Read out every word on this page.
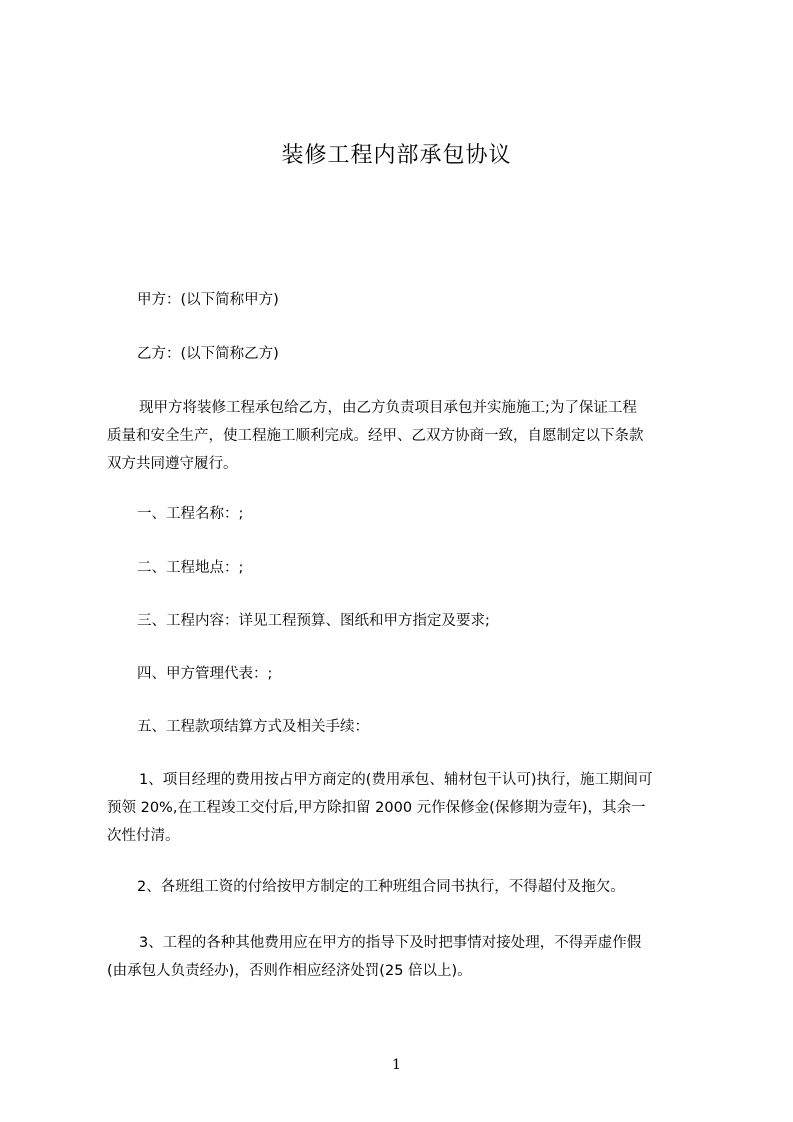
装修工程内部承包协议
甲方：(以下简称甲方)
乙方：(以下简称乙方)
现甲方将装修工程承包给乙方，由乙方负责项目承包并实施施工;为了保证工程
质量和安全生产，使工程施工顺利完成。经甲、乙双方协商一致，自愿制定以下条款
双方共同遵守履行。
一、工程名称：;
二、工程地点：;
三、工程内容：详见工程预算、图纸和甲方指定及要求;
四、甲方管理代表：;
五、工程款项结算方式及相关手续：
1、项目经理的费用按占甲方商定的(费用承包、辅材包干认可)执行，施工期间可
预领 20%,在工程竣工交付后,甲方除扣留 2000 元作保修金(保修期为壹年)，其余一
次性付清。
2、各班组工资的付给按甲方制定的工种班组合同书执行，不得超付及拖欠。
3、工程的各种其他费用应在甲方的指导下及时把事情对接处理，不得弄虚作假
(由承包人负责经办)，否则作相应经济处罚(25 倍以上)。
1
